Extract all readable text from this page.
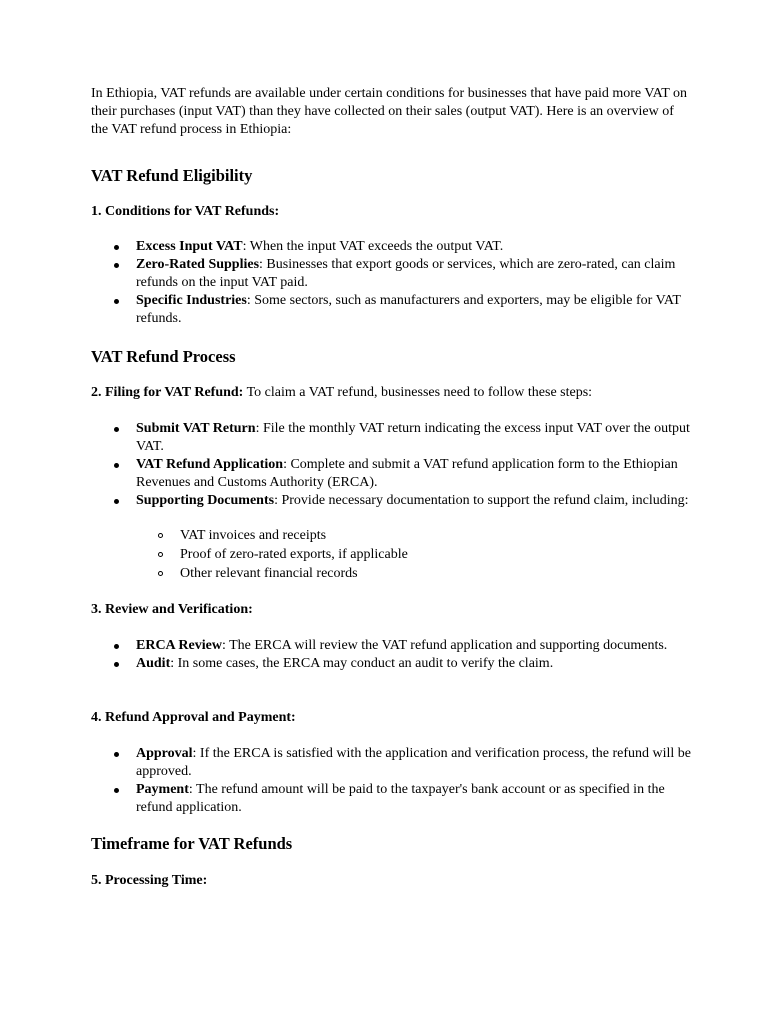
In Ethiopia, VAT refunds are available under certain conditions for businesses that have paid more VAT on their purchases (input VAT) than they have collected on their sales (output VAT). Here is an overview of the VAT refund process in Ethiopia:

VAT Refund Eligibility
1. Conditions for VAT Refunds:
Excess Input VAT: When the input VAT exceeds the output VAT.
Zero-Rated Supplies: Businesses that export goods or services, which are zero-rated, can claim refunds on the input VAT paid.
Specific Industries: Some sectors, such as manufacturers and exporters, may be eligible for VAT refunds.
VAT Refund Process
2. Filing for VAT Refund: To claim a VAT refund, businesses need to follow these steps:
Submit VAT Return: File the monthly VAT return indicating the excess input VAT over the output VAT.
VAT Refund Application: Complete and submit a VAT refund application form to the Ethiopian Revenues and Customs Authority (ERCA).
Supporting Documents: Provide necessary documentation to support the refund claim, including:
VAT invoices and receipts
Proof of zero-rated exports, if applicable
Other relevant financial records
3. Review and Verification:
ERCA Review: The ERCA will review the VAT refund application and supporting documents.
Audit: In some cases, the ERCA may conduct an audit to verify the claim.
4. Refund Approval and Payment:
Approval: If the ERCA is satisfied with the application and verification process, the refund will be approved.
Payment: The refund amount will be paid to the taxpayer's bank account or as specified in the refund application.
Timeframe for VAT Refunds
5. Processing Time:
